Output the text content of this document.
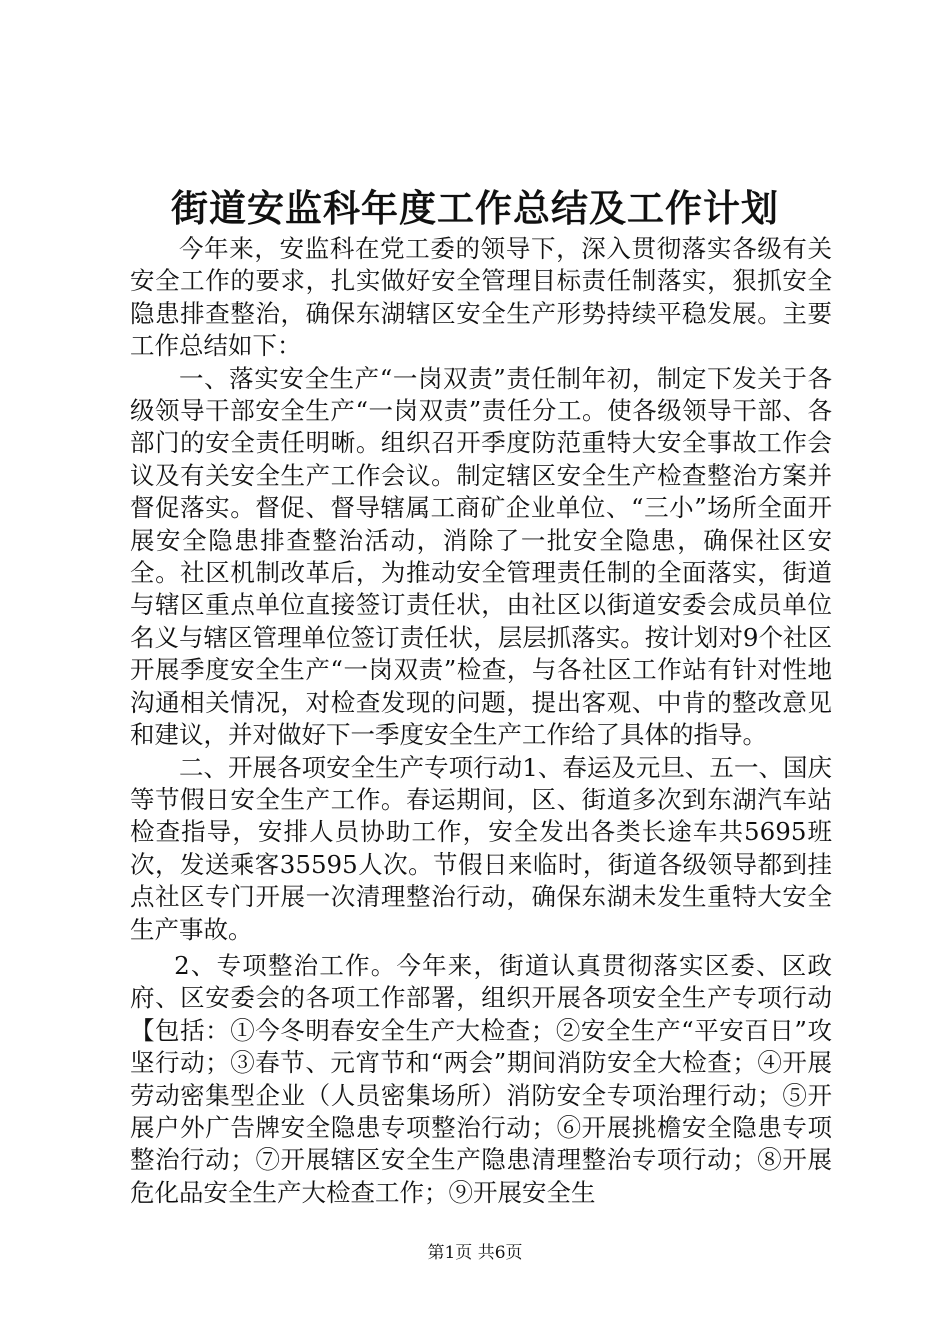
街道安监科年度工作总结及工作计划

今年来，安监科在党工委的领导下，深入贯彻落实各级有关安全工作的要求，扎实做好安全管理目标责任制落实，狠抓安全隐患排查整治，确保东湖辖区安全生产形势持续平稳发展。主要工作总结如下：

一、落实安全生产“一岗双责”责任制年初，制定下发关于各级领导干部安全生产“一岗双责”责任分工。使各级领导干部、各部门的安全责任明晰。组织召开季度防范重特大安全事故工作会议及有关安全生产工作会议。制定辖区安全生产检查整治方案并督促落实。督促、督导辖属工商矿企业单位、“三小”场所全面开展安全隐患排查整治活动，消除了一批安全隐患，确保社区安全。社区机制改革后，为推动安全管理责任制的全面落实，街道与辖区重点单位直接签订责任状，由社区以街道安委会成员单位名义与辖区管理单位签订责任状，层层抓落实。按计划对9个社区开展季度安全生产“一岗双责”检查，与各社区工作站有针对性地沟通相关情况，对检查发现的问题，提出客观、中肯的整改意见和建议，并对做好下一季度安全生产工作给了具体的指导。

二、开展各项安全生产专项行动1、春运及元旦、五一、国庆等节假日安全生产工作。春运期间，区、街道多次到东湖汽车站检查指导，安排人员协助工作，安全发出各类长途车共5695班次，发送乘客35595人次。节假日来临时，街道各级领导都到挂点社区专门开展一次清理整治行动，确保东湖未发生重特大安全生产事故。

2、专项整治工作。今年来，街道认真贯彻落实区委、区政府、区安委会的各项工作部署，组织开展各项安全生产专项行动【包括：①今冬明春安全生产大检查；②安全生产“平安百日”攻坚行动；③春节、元宵节和“两会”期间消防安全大检查；④开展劳动密集型企业（人员密集场所）消防安全专项治理行动；⑤开展户外广告牌安全隐患专项整治行动；⑥开展挑檐安全隐患专项整治行动；⑦开展辖区安全生产隐患清理整治专项行动；⑧开展危化品安全生产大检查工作；⑨开展安全生

第1页 共6页
